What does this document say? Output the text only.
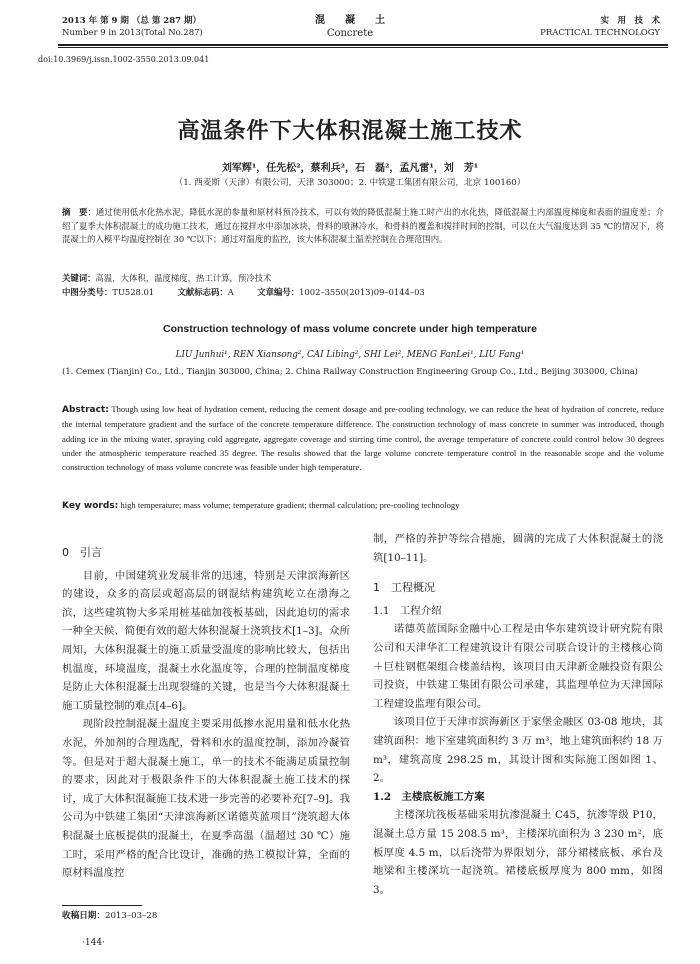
2013 年 第 9 期 （总 第 287 期）
Number 9 in 2013(Total No.287)
混　　凝　　土
Concrete
实　用　技　术
PRACTICAL TECHNOLOGY
doi:10.3969/j.issn.1002-3550.2013.09.041
高温条件下大体积混凝土施工技术
刘军辉¹，任先松²，蔡利兵²，石　磊²，孟凡雷¹，刘　芳¹
（1. 西麦斯（天津）有限公司，天津 303000；2. 中铁建工集团有限公司，北京 100160）
摘　要：通过使用低水化热水泥，降低水泥的参量和原材料预冷技术，可以有效的降低混凝土施工时产出的水化热，降低混凝土内部温度梯度和表面的温度差；介绍了夏季大体积混凝土的成功施工技术，通过在搅拌水中添加冰块，骨料的喷淋冷水，和骨料的覆盖和搅拌时间的控制，可以在大气温度达到 35 ℃的情况下，将混凝土的入模平均温度控制在 30 ℃以下；通过对温度的监控，该大体积混凝土温差控制在合理范围内。
关键词：高温，大体积，温度梯度，热工计算，预冷技术
中图分类号：TU528.01	文献标志码：A	文章编号：1002–3550(2013)09–0144–03
Construction technology of mass volume concrete under high temperature
LIU Junhui¹, REN Xiansong², CAI Libing², SHI Lei², MENG FanLei¹, LIU Fang¹
(1. Cemex (Tianjin) Co., Ltd., Tianjin 303000, China; 2. China Railway Construction Engineering Group Co., Ltd., Beijing 303000, China)
Abstract: Though using low heat of hydration cement, reducing the cement dosage and pre-cooling technology, we can reduce the heat of hydration of concrete, reduce the internal temperature gradient and the surface of the concrete temperature difference. The construction technology of mass concrete in summer was introduced, though adding ice in the mixing water, spraying cold aggregate, aggregate coverage and stirring time control, the average temperature of concrete could control below 30 degrees under the atmospheric temperature reached 35 degree. The results showed that the large volume concrete temperature control in the reasonable scope and the volume construction technology of mass volume concrete was feasible under high temperature.
Key words: high temperature; mass volume; temperature gradient; thermal calculation; pre-cooling technology
0　引言

目前，中国建筑业发展非常的迅速，特别是天津滨海新区的建设，众多的高层或超高层的钢混结构建筑屹立在渤海之滨，这些建筑物大多采用桩基础加筏板基础，因此迫切的需求一种全天候、简便有效的超大体积混凝土浇筑技术[1–3]。众所周知，大体积混凝土的施工质量受温度的影响比较大，包括出机温度，环境温度，混凝土水化温度等，合理的控制温度梯度是防止大体积混凝土出现裂缝的关键，也是当今大体积混凝土施工质量控制的难点[4–6]。

现阶段控制混凝土温度主要采用低掺水泥用量和低水化热水泥，外加剂的合理选配，骨料和水的温度控制，添加冷凝管等。但是对于超大混凝土施工，单一的技术不能满足质量控制的要求，因此对于极限条件下的大体积混凝土施工技术的探讨，成了大体积混凝施工技术进一步完善的必要补充[7–9]。我公司为中铁建工集团“天津滨海新区诺德英蓝项目”浇筑超大体积混凝土底板提供的混凝土，在夏季高温（温超过 30 ℃）施工时，采用严格的配合比设计，准确的热工模拟计算，全面的原材料温度控

收稿日期：2013–03–28
·144·

制，严格的养护等综合措施，圆满的完成了大体积混凝土的浇筑[10–11]。

1　工程概况
1.1　工程介绍

诺德英蓝国际金融中心工程是由华东建筑设计研究院有限公司和天津华汇工程建筑设计有限公司联合设计的主楼核心筒＋巨柱钢框架组合楼盖结构，该项目由天津新金融投资有限公司投资，中铁建工集团有限公司承建，其监理单位为天津国际工程建设监理有限公司。

该项目位于天津市滨海新区于家堡金融区 03-08 地块，其建筑面积：地下室建筑面积约 3 万 m³，地上建筑面积约 18 万 m³，建筑高度 298.25 m，其设计图和实际施工图如图 1、2。

1.2　主楼底板施工方案

主楼深坑筏板基础采用抗渗混凝土 C45，抗渗等级 P10，混凝土总方量 15 208.5 m³，主楼深坑面积为 3 230 m²，底板厚度 4.5 m，以后浇带为界限划分，部分裙楼底板、承台及地梁和主楼深坑一起浇筑。裙楼底板厚度为 800 mm，如图 3。
